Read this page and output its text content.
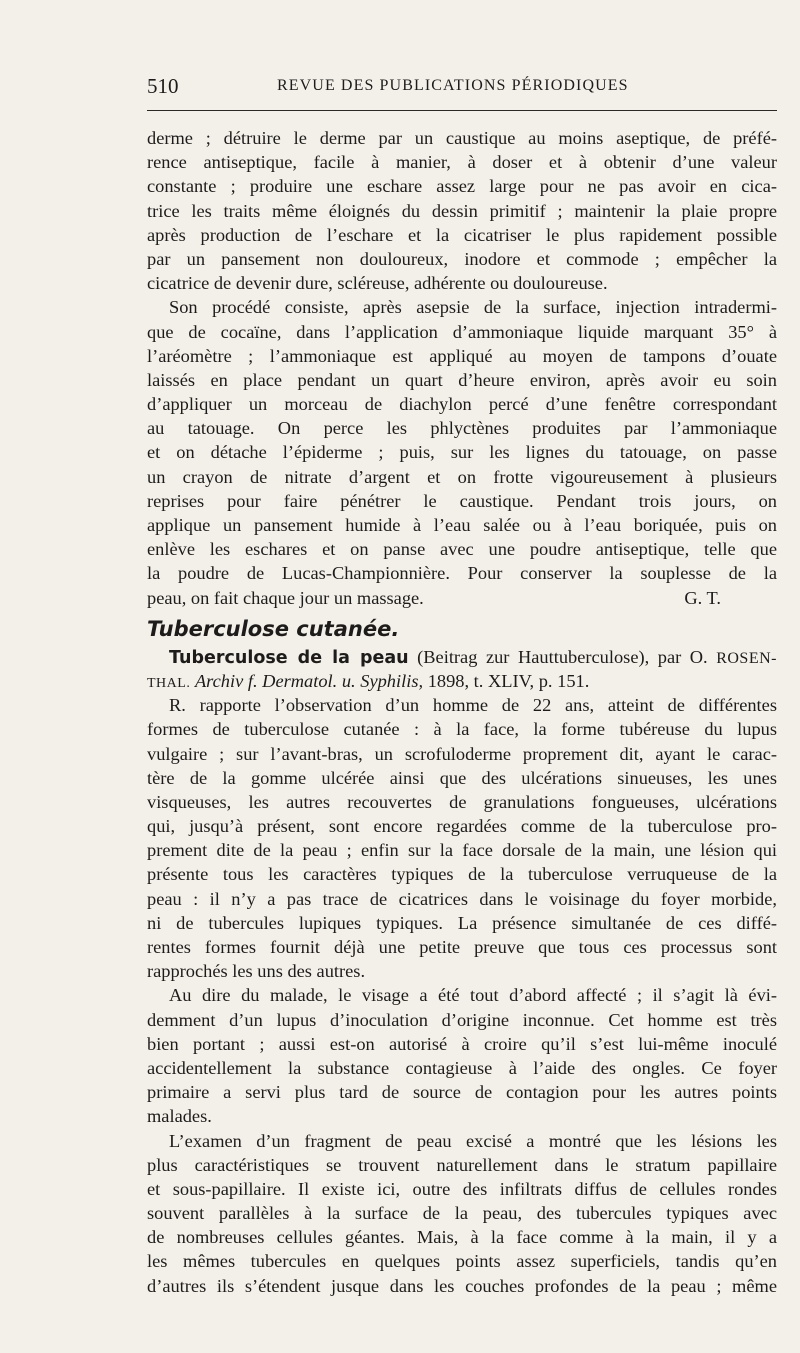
510	REVUE DES PUBLICATIONS PÉRIODIQUES
derme ; détruire le derme par un caustique au moins aseptique, de préfé-
rence antiseptique, facile à manier, à doser et à obtenir d’une valeur
constante ; produire une eschare assez large pour ne pas avoir en cica-
trice les traits même éloignés du dessin primitif ; maintenir la plaie propre
après production de l’eschare et la cicatriser le plus rapidement possible
par un pansement non douloureux, inodore et commode ; empêcher la
cicatrice de devenir dure, scléreuse, adhérente ou douloureuse.
Son procédé consiste, après asepsie de la surface, injection intradermi-
que de cocaïne, dans l’application d’ammoniaque liquide marquant 35° à
l’aréomètre ; l’ammoniaque est appliqué au moyen de tampons d’ouate
laissés en place pendant un quart d’heure environ, après avoir eu soin
d’appliquer un morceau de diachylon percé d’une fenêtre correspondant
au tatouage. On perce les phlyctènes produites par l’ammoniaque
et on détache l’épiderme ; puis, sur les lignes du tatouage, on passe
un crayon de nitrate d’argent et on frotte vigoureusement à plusieurs
reprises pour faire pénétrer le caustique. Pendant trois jours, on
applique un pansement humide à l’eau salée ou à l’eau boriquée, puis on
enlève les eschares et on panse avec une poudre antiseptique, telle que
la poudre de Lucas-Championnière. Pour conserver la souplesse de la
peau, on fait chaque jour un massage.	G. T.
Tuberculose cutanée.
Tuberculose de la peau (Beitrag zur Hauttuberculose), par O. ROSEN-
THAL. Archiv f. Dermatol. u. Syphilis, 1898, t. XLIV, p. 151.
R. rapporte l’observation d’un homme de 22 ans, atteint de différentes
formes de tuberculose cutanée : à la face, la forme tubéreuse du lupus
vulgaire ; sur l’avant-bras, un scrofuloderme proprement dit, ayant le carac-
tère de la gomme ulcérée ainsi que des ulcérations sinueuses, les unes
visqueuses, les autres recouvertes de granulations fongueuses, ulcérations
qui, jusqu’à présent, sont encore regardées comme de la tuberculose pro-
prement dite de la peau ; enfin sur la face dorsale de la main, une lésion qui
présente tous les caractères typiques de la tuberculose verruqueuse de la
peau : il n’y a pas trace de cicatrices dans le voisinage du foyer morbide,
ni de tubercules lupiques typiques. La présence simultanée de ces diffé-
rentes formes fournit déjà une petite preuve que tous ces processus sont
rapprochés les uns des autres.
Au dire du malade, le visage a été tout d’abord affecté ; il s’agit là évi-
demment d’un lupus d’inoculation d’origine inconnue. Cet homme est très
bien portant ; aussi est-on autorisé à croire qu’il s’est lui-même inoculé
accidentellement la substance contagieuse à l’aide des ongles. Ce foyer
primaire a servi plus tard de source de contagion pour les autres points
malades.
L’examen d’un fragment de peau excisé a montré que les lésions les
plus caractéristiques se trouvent naturellement dans le stratum papillaire
et sous-papillaire. Il existe ici, outre des infiltrats diffus de cellules rondes
souvent parallèles à la surface de la peau, des tubercules typiques avec
de nombreuses cellules géantes. Mais, à la face comme à la main, il y a
les mêmes tubercules en quelques points assez superficiels, tandis qu’en
d’autres ils s’étendent jusque dans les couches profondes de la peau ; même
